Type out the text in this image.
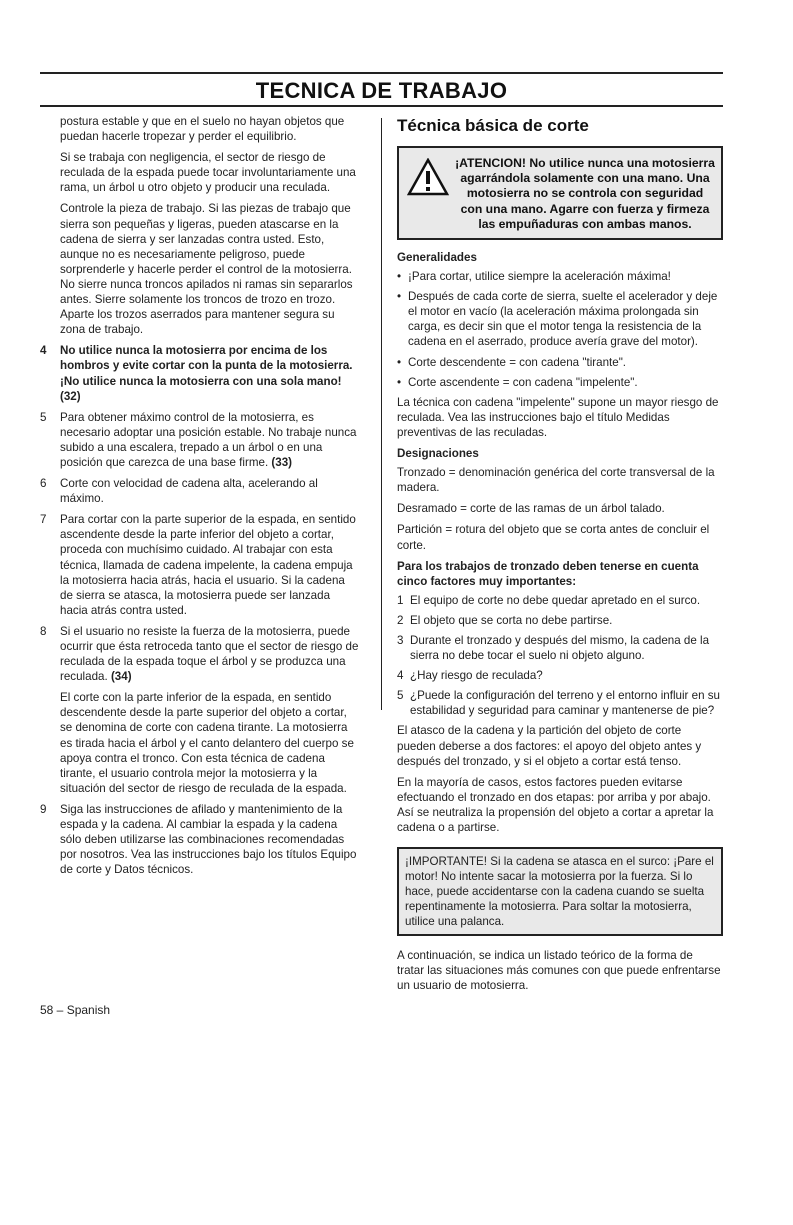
TECNICA DE TRABAJO

postura estable y que en el suelo no hayan objetos que puedan hacerle tropezar y perder el equilibrio.

Si se trabaja con negligencia, el sector de riesgo de reculada de la espada puede tocar involuntariamente una rama, un árbol u otro objeto y producir una reculada.

Controle la pieza de trabajo. Si las piezas de trabajo que sierra son pequeñas y ligeras, pueden atascarse en la cadena de sierra y ser lanzadas contra usted. Esto, aunque no es necesariamente peligroso, puede sorprenderle y hacerle perder el control de la motosierra. No sierre nunca troncos apilados ni ramas sin separarlos antes. Sierre solamente los troncos de trozo en trozo. Aparte los trozos aserrados para mantener segura su zona de trabajo.

4 No utilice nunca la motosierra por encima de los hombros y evite cortar con la punta de la motosierra. ¡No utilice nunca la motosierra con una sola mano! (32)
5 Para obtener máximo control de la motosierra, es necesario adoptar una posición estable. No trabaje nunca subido a una escalera, trepado a un árbol o en una posición que carezca de una base firme. (33)
6 Corte con velocidad de cadena alta, acelerando al máximo.
7 Para cortar con la parte superior de la espada, en sentido ascendente desde la parte inferior del objeto a cortar, proceda con muchísimo cuidado. Al trabajar con esta técnica, llamada de cadena impelente, la cadena empuja la motosierra hacia atrás, hacia el usuario. Si la cadena de sierra se atasca, la motosierra puede ser lanzada hacia atrás contra usted.
8 Si el usuario no resiste la fuerza de la motosierra, puede ocurrir que ésta retroceda tanto que el sector de riesgo de reculada de la espada toque el árbol y se produzca una reculada. (34)

El corte con la parte inferior de la espada, en sentido descendente desde la parte superior del objeto a cortar, se denomina de corte con cadena tirante. La motosierra es tirada hacia el árbol y el canto delantero del cuerpo se apoya contra el tronco. Con esta técnica de cadena tirante, el usuario controla mejor la motosierra y la situación del sector de riesgo de reculada de la espada.

9 Siga las instrucciones de afilado y mantenimiento de la espada y la cadena. Al cambiar la espada y la cadena sólo deben utilizarse las combinaciones recomendadas por nosotros. Vea las instrucciones bajo los títulos Equipo de corte y Datos técnicos.
Técnica básica de corte
¡ATENCION! No utilice nunca una motosierra agarrándola solamente con una mano. Una motosierra no se controla con seguridad con una mano. Agarre con fuerza y firmeza las empuñaduras con ambas manos.
Generalidades
• ¡Para cortar, utilice siempre la aceleración máxima!
• Después de cada corte de sierra, suelte el acelerador y deje el motor en vacío (la aceleración máxima prolongada sin carga, es decir sin que el motor tenga la resistencia de la cadena en el aserrado, produce avería grave del motor).
• Corte descendente = con cadena "tirante".
• Corte ascendente = con cadena "impelente".

La técnica con cadena "impelente" supone un mayor riesgo de reculada. Vea las instrucciones bajo el título Medidas preventivas de las reculadas.

Designaciones

Tronzado = denominación genérica del corte transversal de la madera.

Desramado = corte de las ramas de un árbol talado.

Partición = rotura del objeto que se corta antes de concluir el corte.

Para los trabajos de tronzado deben tenerse en cuenta cinco factores muy importantes:
1 El equipo de corte no debe quedar apretado en el surco.
2 El objeto que se corta no debe partirse.
3 Durante el tronzado y después del mismo, la cadena de la sierra no debe tocar el suelo ni objeto alguno.
4 ¿Hay riesgo de reculada?
5 ¿Puede la configuración del terreno y el entorno influir en su estabilidad y seguridad para caminar y mantenerse de pie?

El atasco de la cadena y la partición del objeto de corte pueden deberse a dos factores: el apoyo del objeto antes y después del tronzado, y si el objeto a cortar está tenso.

En la mayoría de casos, estos factores pueden evitarse efectuando el tronzado en dos etapas: por arriba y por abajo. Así se neutraliza la propensión del objeto a cortar a apretar la cadena o a partirse.

¡IMPORTANTE! Si la cadena se atasca en el surco: ¡Pare el motor! No intente sacar la motosierra por la fuerza. Si lo hace, puede accidentarse con la cadena cuando se suelta repentinamente la motosierra. Para soltar la motosierra, utilice una palanca.

A continuación, se indica un listado teórico de la forma de tratar las situaciones más comunes con que puede enfrentarse un usuario de motosierra.

58 – Spanish
